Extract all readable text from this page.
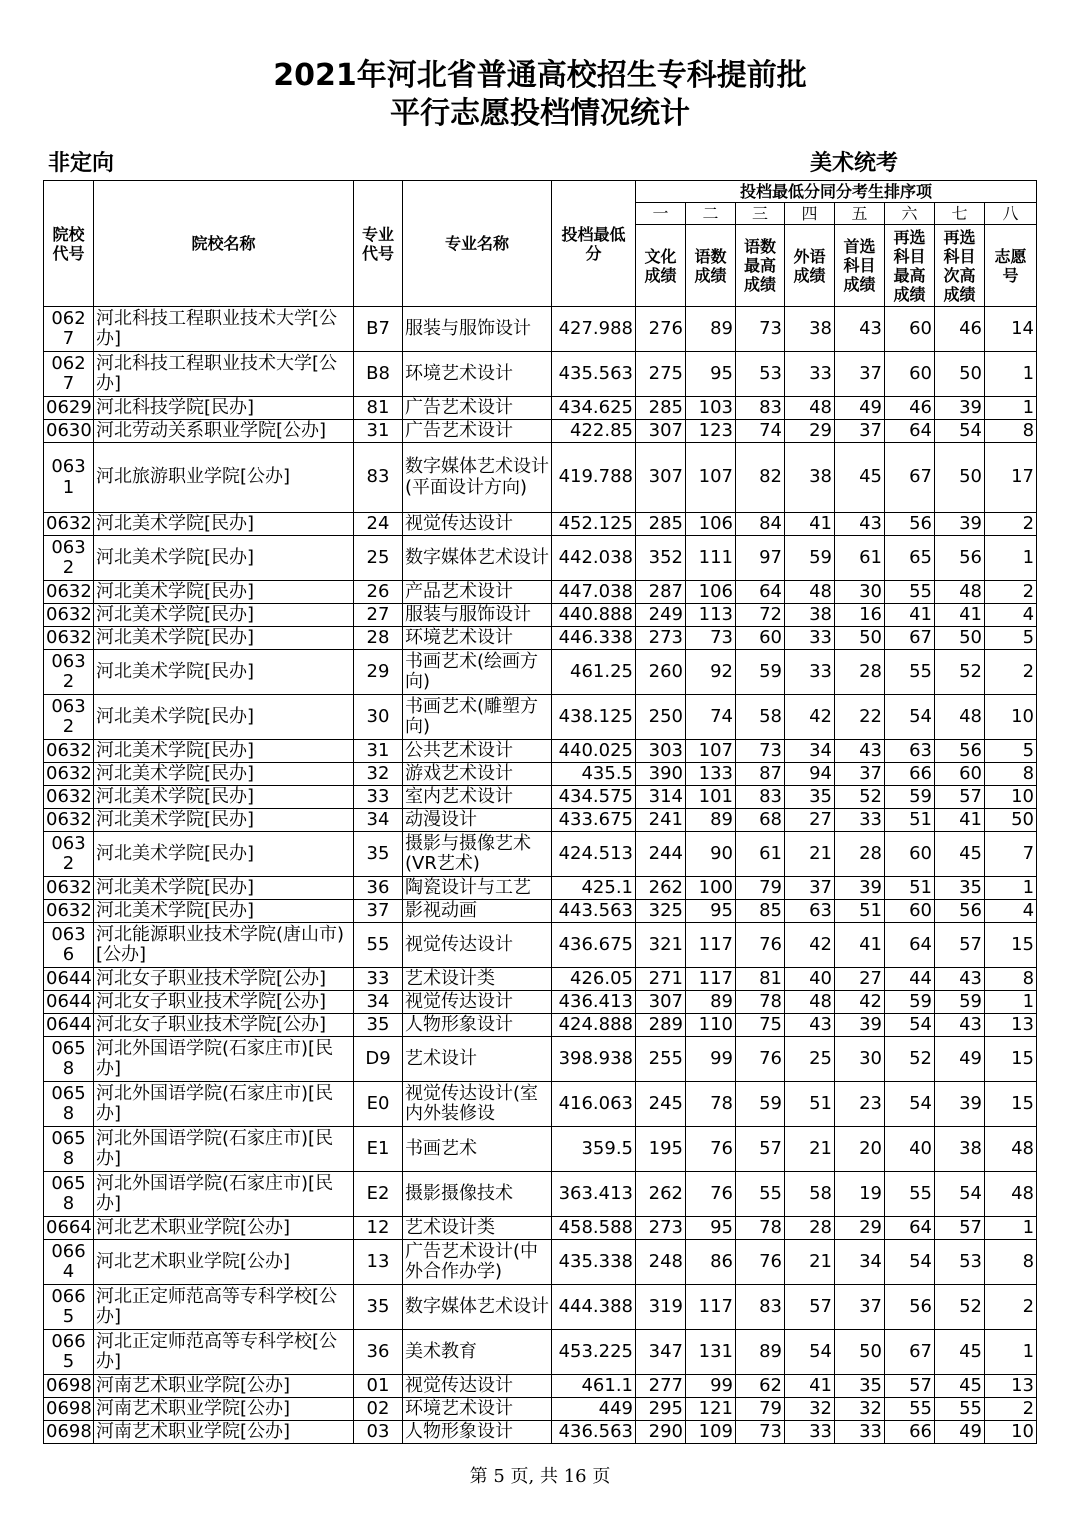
2021年河北省普通高校招生专科提前批
平行志愿投档情况统计
非定向	美术统考
院校代号	院校名称	专业代号	专业名称	投档最低分	投档最低分同分考生排序项							
					一	二	三	四	五	六	七	八
					文化成绩	语数成绩	语数最高成绩	外语成绩	首选科目成绩	再选科目最高成绩	再选科目次高成绩	志愿号
0627	河北科技工程职业技术大学[公办]	B7	服装与服饰设计	427.988	276	89	73	38	43	60	46	14
0627	河北科技工程职业技术大学[公办]	B8	环境艺术设计	435.563	275	95	53	33	37	60	50	1
0629	河北科技学院[民办]	81	广告艺术设计	434.625	285	103	83	48	49	46	39	1
0630	河北劳动关系职业学院[公办]	31	广告艺术设计	422.85	307	123	74	29	37	64	54	8
0631	河北旅游职业学院[公办]	83	数字媒体艺术设计(平面设计方向)	419.788	307	107	82	38	45	67	50	17
0632	河北美术学院[民办]	24	视觉传达设计	452.125	285	106	84	41	43	56	39	2
0632	河北美术学院[民办]	25	数字媒体艺术设计	442.038	352	111	97	59	61	65	56	1
0632	河北美术学院[民办]	26	产品艺术设计	447.038	287	106	64	48	30	55	48	2
0632	河北美术学院[民办]	27	服装与服饰设计	440.888	249	113	72	38	16	41	41	4
0632	河北美术学院[民办]	28	环境艺术设计	446.338	273	73	60	33	50	67	50	5
0632	河北美术学院[民办]	29	书画艺术(绘画方向)	461.25	260	92	59	33	28	55	52	2
0632	河北美术学院[民办]	30	书画艺术(雕塑方向)	438.125	250	74	58	42	22	54	48	10
0632	河北美术学院[民办]	31	公共艺术设计	440.025	303	107	73	34	43	63	56	5
0632	河北美术学院[民办]	32	游戏艺术设计	435.5	390	133	87	94	37	66	60	8
0632	河北美术学院[民办]	33	室内艺术设计	434.575	314	101	83	35	52	59	57	10
0632	河北美术学院[民办]	34	动漫设计	433.675	241	89	68	27	33	51	41	50
0632	河北美术学院[民办]	35	摄影与摄像艺术(VR艺术)	424.513	244	90	61	21	28	60	45	7
0632	河北美术学院[民办]	36	陶瓷设计与工艺	425.1	262	100	79	37	39	51	35	1
0632	河北美术学院[民办]	37	影视动画	443.563	325	95	85	63	51	60	56	4
0636	河北能源职业技术学院(唐山市)[公办]	55	视觉传达设计	436.675	321	117	76	42	41	64	57	15
0644	河北女子职业技术学院[公办]	33	艺术设计类	426.05	271	117	81	40	27	44	43	8
0644	河北女子职业技术学院[公办]	34	视觉传达设计	436.413	307	89	78	48	42	59	59	1
0644	河北女子职业技术学院[公办]	35	人物形象设计	424.888	289	110	75	43	39	54	43	13
0658	河北外国语学院(石家庄市)[民办]	D9	艺术设计	398.938	255	99	76	25	30	52	49	15
0658	河北外国语学院(石家庄市)[民办]	E0	视觉传达设计(室内外装修设	416.063	245	78	59	51	23	54	39	15
0658	河北外国语学院(石家庄市)[民办]	E1	书画艺术	359.5	195	76	57	21	20	40	38	48
0658	河北外国语学院(石家庄市)[民办]	E2	摄影摄像技术	363.413	262	76	55	58	19	55	54	48
0664	河北艺术职业学院[公办]	12	艺术设计类	458.588	273	95	78	28	29	64	57	1
0664	河北艺术职业学院[公办]	13	广告艺术设计(中外合作办学)	435.338	248	86	76	21	34	54	53	8
0665	河北正定师范高等专科学校[公办]	35	数字媒体艺术设计	444.388	319	117	83	57	37	56	52	2
0665	河北正定师范高等专科学校[公办]	36	美术教育	453.225	347	131	89	54	50	67	45	1
0698	河南艺术职业学院[公办]	01	视觉传达设计	461.1	277	99	62	41	35	57	45	13
0698	河南艺术职业学院[公办]	02	环境艺术设计	449	295	121	79	32	32	55	55	2
0698	河南艺术职业学院[公办]	03	人物形象设计	436.563	290	109	73	33	33	66	49	10
第 5 页, 共 16 页
